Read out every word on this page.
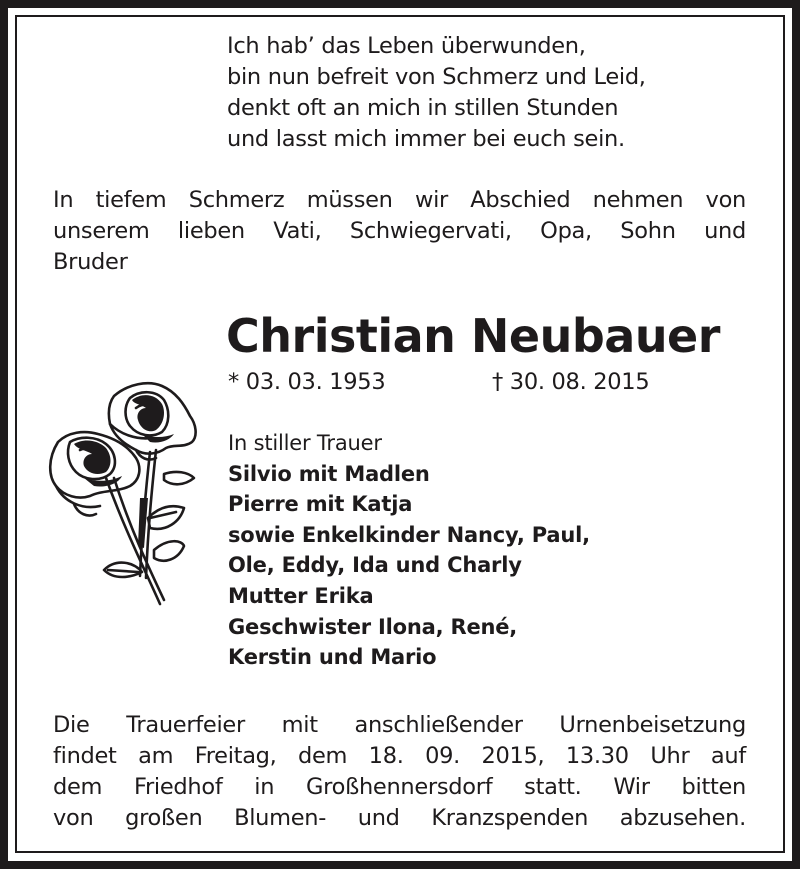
Ich hab’ das Leben überwunden,
bin nun befreit von Schmerz und Leid,
denkt oft an mich in stillen Stunden
und lasst mich immer bei euch sein.
In tiefem Schmerz müssen wir Abschied nehmen von
unserem lieben Vati, Schwiegervati, Opa, Sohn und
Bruder
Christian Neubauer
* 03. 03. 1953	† 30. 08. 2015
In stiller Trauer
Silvio mit Madlen
Pierre mit Katja
sowie Enkelkinder Nancy, Paul,
Ole, Eddy, Ida und Charly
Mutter Erika
Geschwister Ilona, René,
Kerstin und Mario
Die Trauerfeier mit anschließender Urnenbeisetzung
findet am Freitag, dem 18. 09. 2015, 13.30 Uhr auf
dem Friedhof in Großhennersdorf statt. Wir bitten
von großen Blumen- und Kranzspenden abzusehen.
